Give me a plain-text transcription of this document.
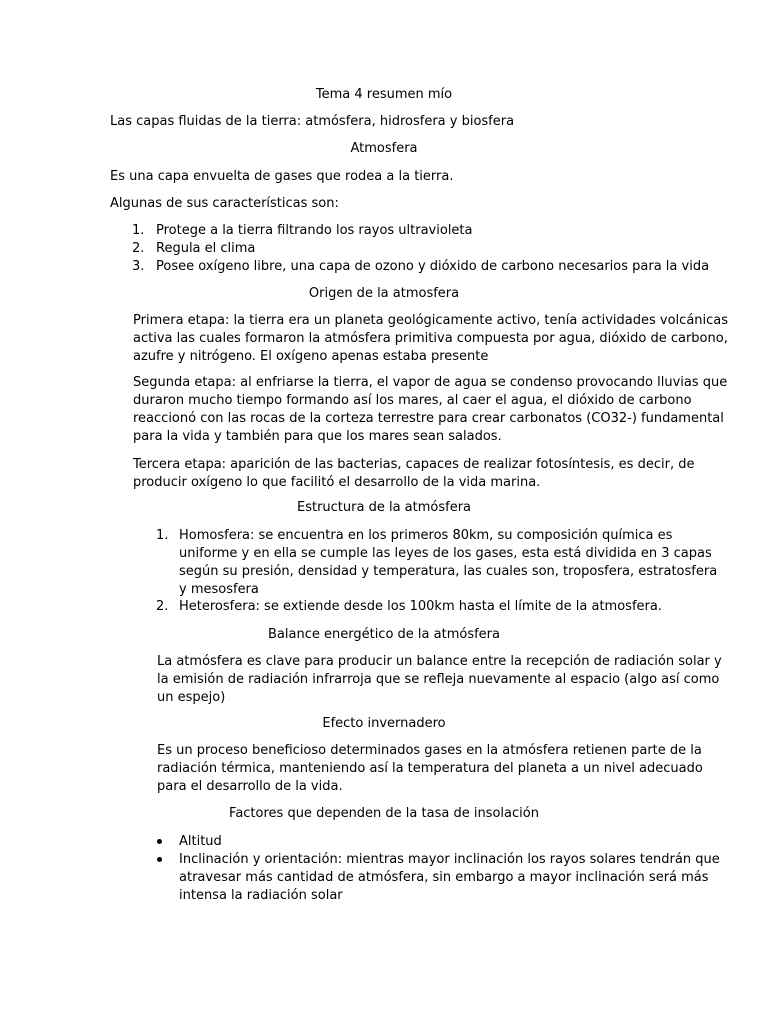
Tema 4 resumen mío
Las capas fluidas de la tierra: atmósfera, hidrosfera y biosfera
Atmosfera
Es una capa envuelta de gases que rodea a la tierra.
Algunas de sus características son:
1. Protege a la tierra filtrando los rayos ultravioleta
2. Regula el clima
3. Posee oxígeno libre, una capa de ozono y dióxido de carbono necesarios para la vida
Origen de la atmosfera
Primera etapa: la tierra era un planeta geológicamente activo, tenía actividades volcánicas
activa las cuales formaron la atmósfera primitiva compuesta por agua, dióxido de carbono,
azufre y nitrógeno. El oxígeno apenas estaba presente
Segunda etapa: al enfriarse la tierra, el vapor de agua se condenso provocando lluvias que
duraron mucho tiempo formando así los mares, al caer el agua, el dióxido de carbono
reaccionó con las rocas de la corteza terrestre para crear carbonatos (CO32-) fundamental
para la vida y también para que los mares sean salados.
Tercera etapa: aparición de las bacterias, capaces de realizar fotosíntesis, es decir, de
producir oxígeno lo que facilitó el desarrollo de la vida marina.
Estructura de la atmósfera
1. Homosfera: se encuentra en los primeros 80km, su composición química es
uniforme y en ella se cumple las leyes de los gases, esta está dividida en 3 capas
según su presión, densidad y temperatura, las cuales son, troposfera, estratosfera
y mesosfera
2. Heterosfera: se extiende desde los 100km hasta el límite de la atmosfera.
Balance energético de la atmósfera
La atmósfera es clave para producir un balance entre la recepción de radiación solar y
la emisión de radiación infrarroja que se refleja nuevamente al espacio (algo así como
un espejo)
Efecto invernadero
Es un proceso beneficioso determinados gases en la atmósfera retienen parte de la
radiación térmica, manteniendo así la temperatura del planeta a un nivel adecuado
para el desarrollo de la vida.
Factores que dependen de la tasa de insolación
Altitud
Inclinación y orientación: mientras mayor inclinación los rayos solares tendrán que
atravesar más cantidad de atmósfera, sin embargo a mayor inclinación será más
intensa la radiación solar
